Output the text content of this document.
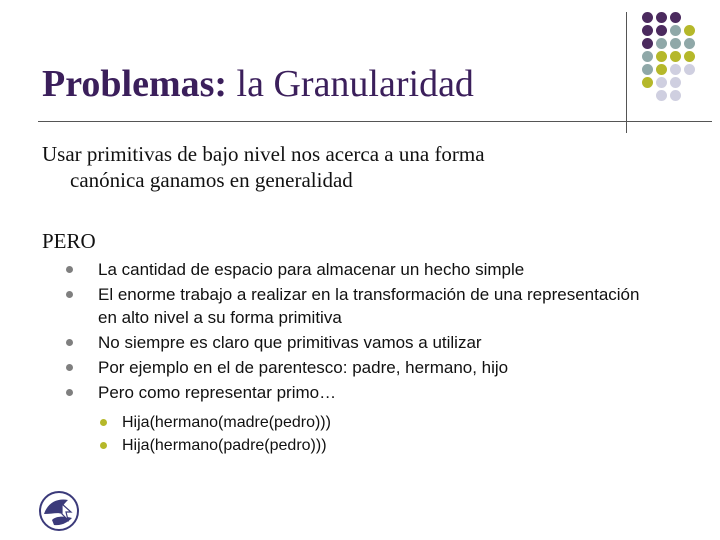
Problemas: la Granularidad
Usar primitivas de bajo nivel nos acerca a una forma
canónica ganamos en generalidad
PERO
La cantidad de espacio para almacenar un hecho simple
El enorme trabajo a realizar en la transformación de una representación en alto nivel a su forma primitiva
No siempre es claro que primitivas vamos a utilizar
Por ejemplo en el de parentesco: padre, hermano, hijo
Pero como representar primo…
Hija(hermano(madre(pedro)))
Hija(hermano(padre(pedro)))
